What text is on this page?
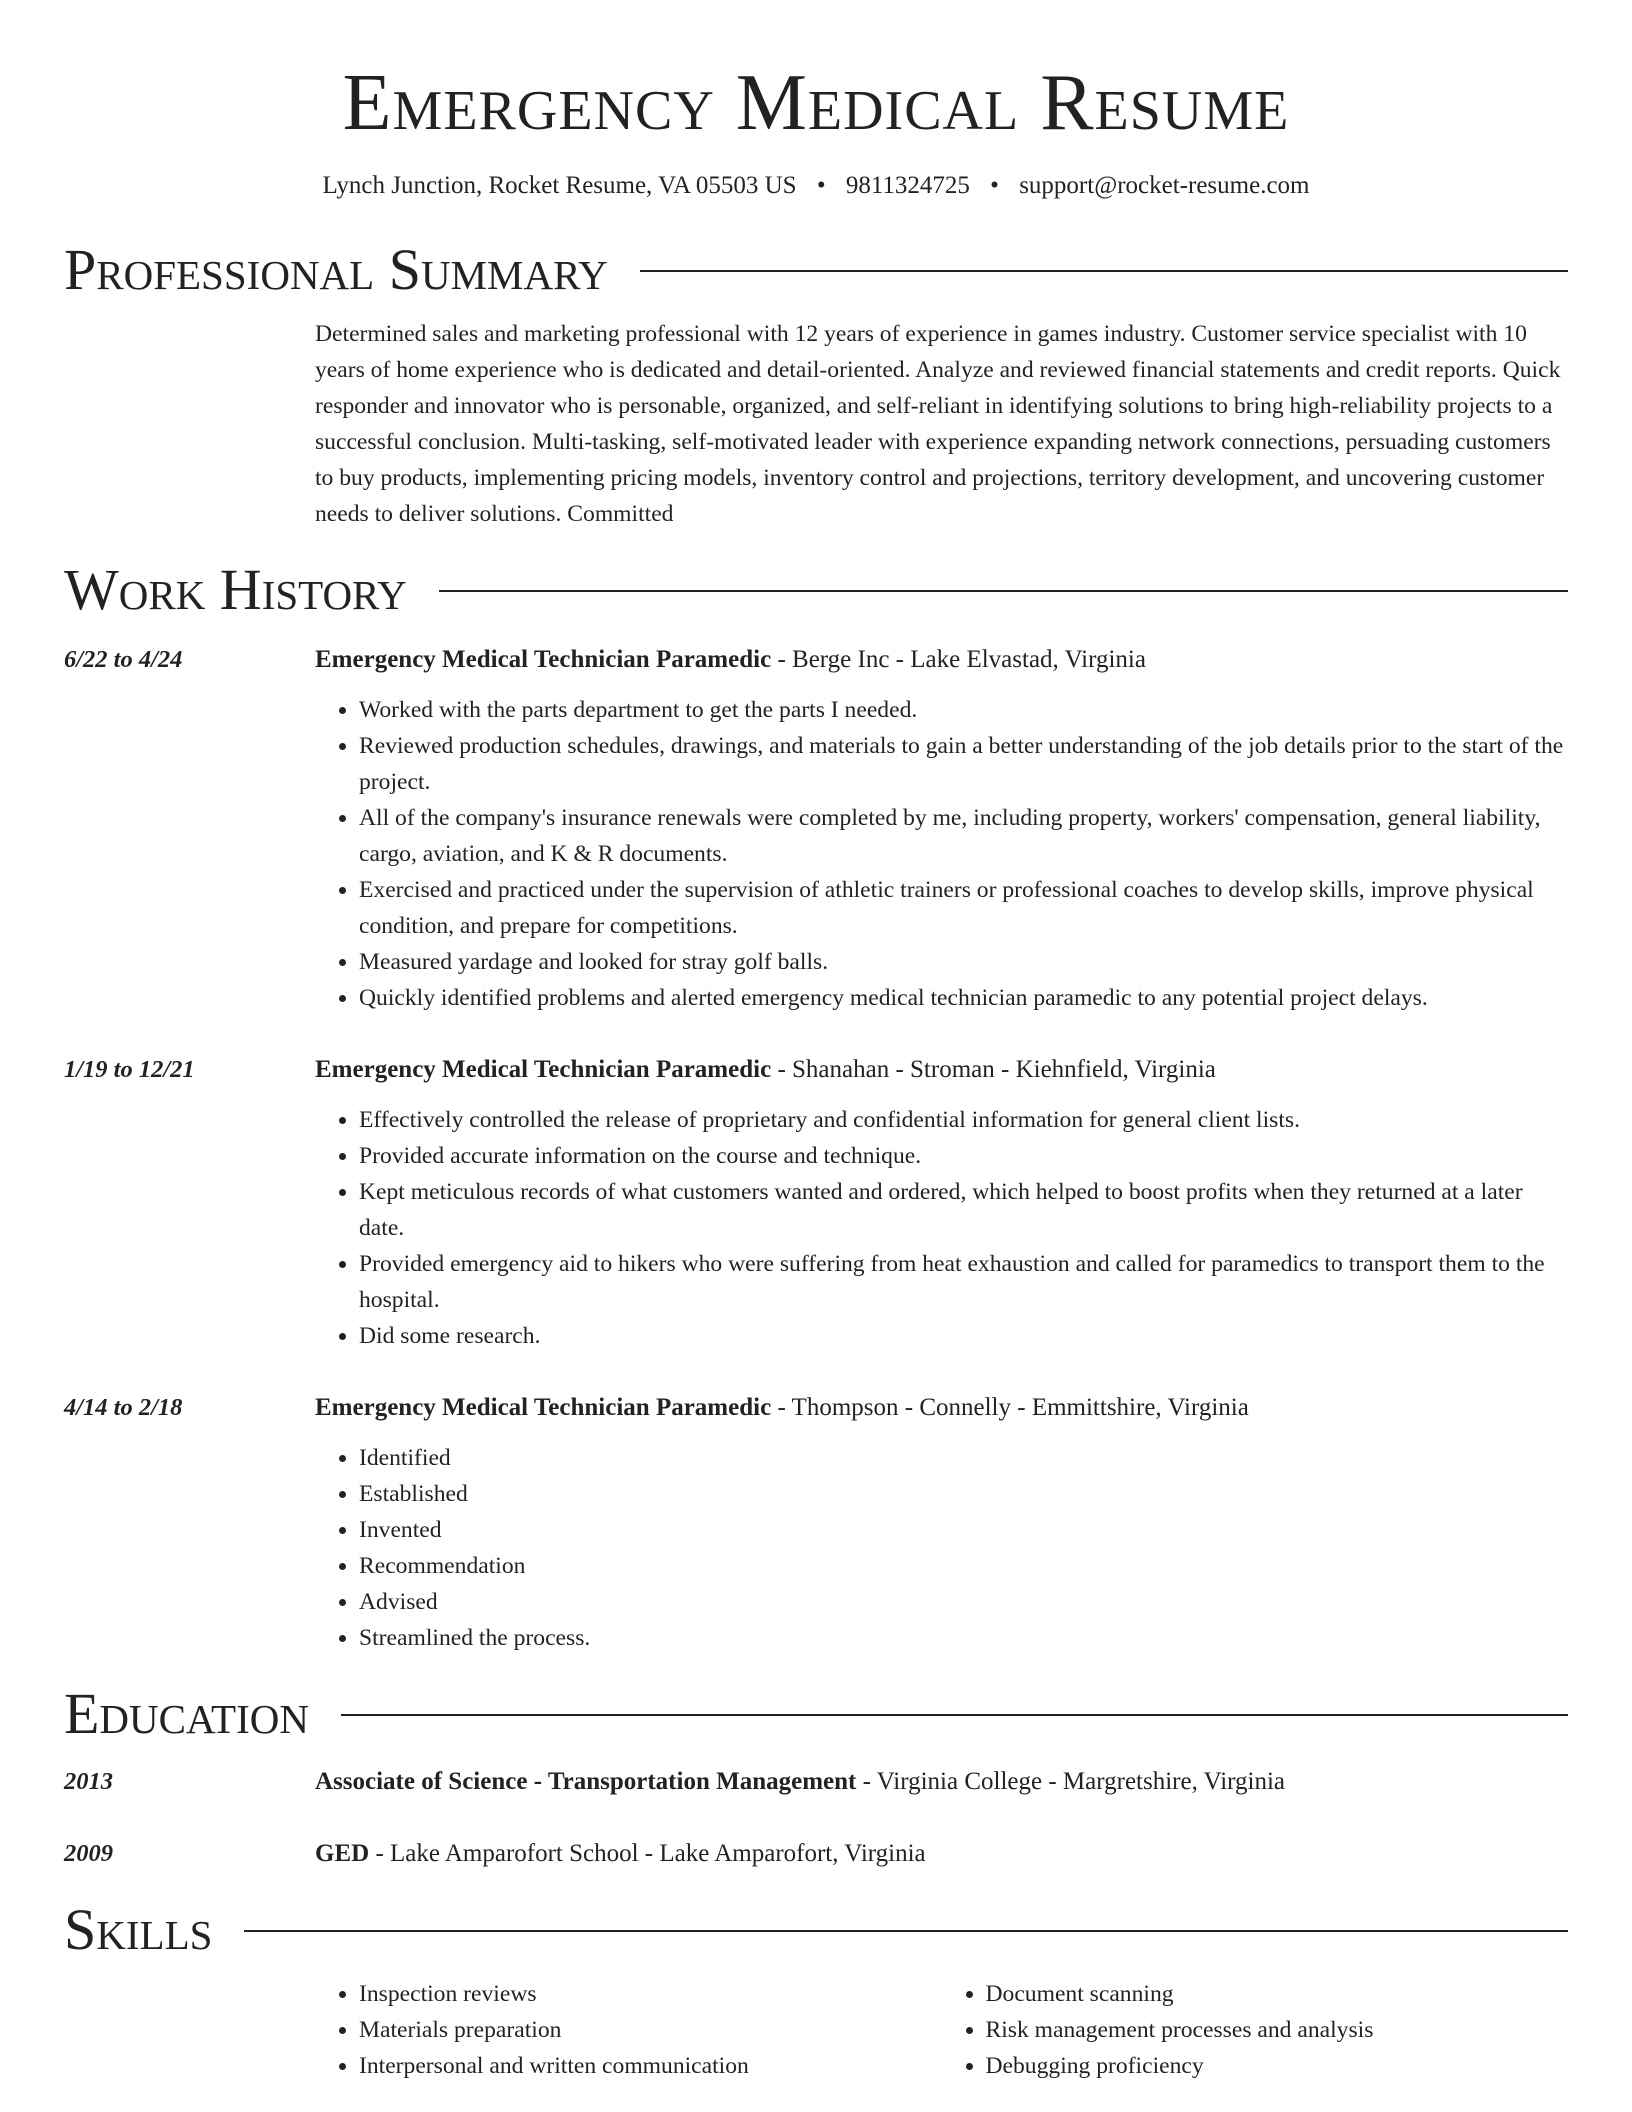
Emergency Medical Resume
Lynch Junction, Rocket Resume, VA 05503 US • 9811324725 • support@rocket-resume.com
Professional Summary
Determined sales and marketing professional with 12 years of experience in games industry. Customer service specialist with 10 years of home experience who is dedicated and detail-oriented. Analyze and reviewed financial statements and credit reports. Quick responder and innovator who is personable, organized, and self-reliant in identifying solutions to bring high-reliability projects to a successful conclusion. Multi-tasking, self-motivated leader with experience expanding network connections, persuading customers to buy products, implementing pricing models, inventory control and projections, territory development, and uncovering customer needs to deliver solutions. Committed
Work History
6/22 to 4/24	Emergency Medical Technician Paramedic - Berge Inc - Lake Elvastad, Virginia
• Worked with the parts department to get the parts I needed.
• Reviewed production schedules, drawings, and materials to gain a better understanding of the job details prior to the start of the project.
• All of the company's insurance renewals were completed by me, including property, workers' compensation, general liability, cargo, aviation, and K & R documents.
• Exercised and practiced under the supervision of athletic trainers or professional coaches to develop skills, improve physical condition, and prepare for competitions.
• Measured yardage and looked for stray golf balls.
• Quickly identified problems and alerted emergency medical technician paramedic to any potential project delays.
1/19 to 12/21	Emergency Medical Technician Paramedic - Shanahan - Stroman - Kiehnfield, Virginia
• Effectively controlled the release of proprietary and confidential information for general client lists.
• Provided accurate information on the course and technique.
• Kept meticulous records of what customers wanted and ordered, which helped to boost profits when they returned at a later date.
• Provided emergency aid to hikers who were suffering from heat exhaustion and called for paramedics to transport them to the hospital.
• Did some research.
4/14 to 2/18	Emergency Medical Technician Paramedic - Thompson - Connelly - Emmittshire, Virginia
• Identified
• Established
• Invented
• Recommendation
• Advised
• Streamlined the process.
Education
2013	Associate of Science - Transportation Management - Virginia College - Margretshire, Virginia
2009	GED - Lake Amparofort School - Lake Amparofort, Virginia
Skills
• Inspection reviews
• Materials preparation
• Interpersonal and written communication
• Document scanning
• Risk management processes and analysis
• Debugging proficiency
